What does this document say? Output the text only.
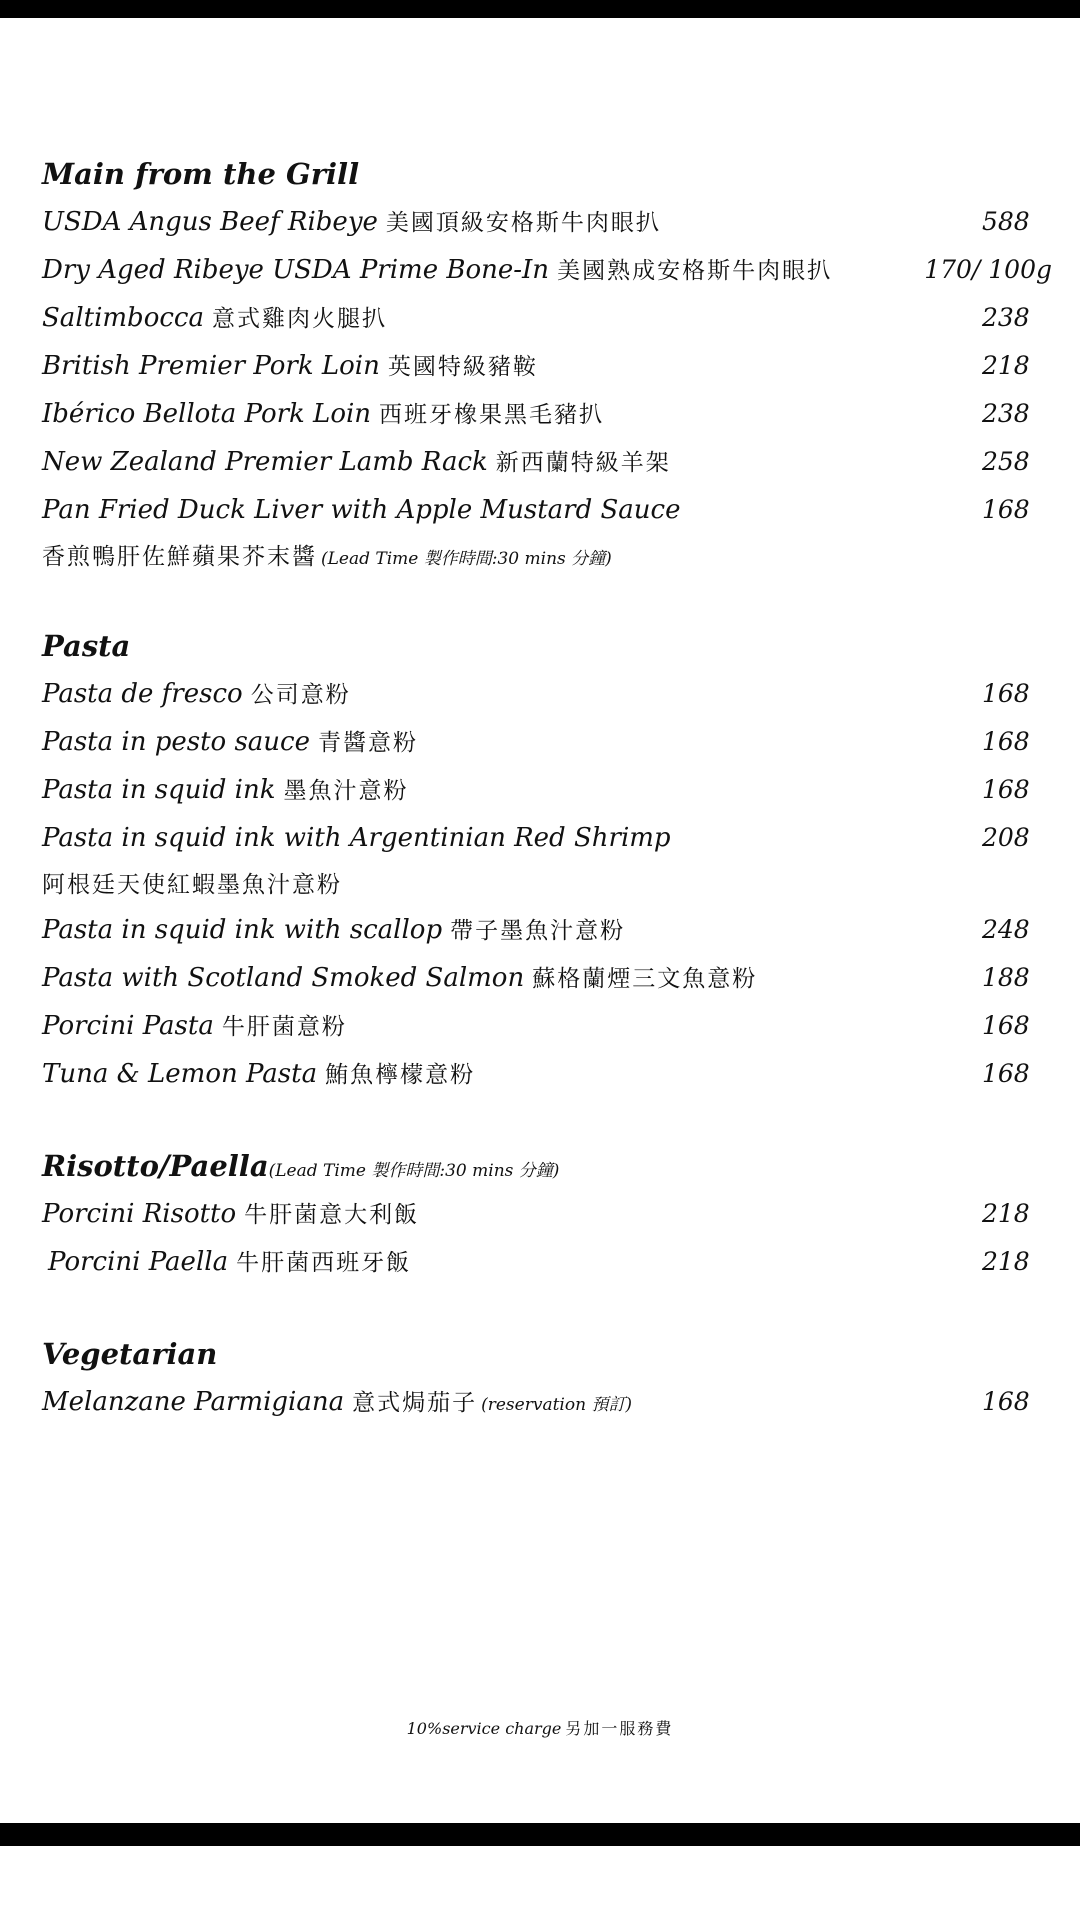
Main from the Grill
USDA Angus Beef Ribeye 美國頂級安格斯牛肉眼扒	588
Dry Aged Ribeye USDA Prime Bone-In 美國熟成安格斯牛肉眼扒	170/ 100g
Saltimbocca 意式雞肉火腿扒	238
British Premier Pork Loin 英國特級豬鞍	218
Ibérico Bellota Pork Loin 西班牙橡果黑毛豬扒	238
New Zealand Premier Lamb Rack 新西蘭特級羊架	258
Pan Fried Duck Liver with Apple Mustard Sauce	168
香煎鴨肝佐鮮蘋果芥末醬 (Lead Time 製作時間:30 mins 分鐘)
Pasta
Pasta de fresco 公司意粉	168
Pasta in pesto sauce 青醬意粉	168
Pasta in squid ink 墨魚汁意粉	168
Pasta in squid ink with Argentinian Red Shrimp	208
阿根廷天使紅蝦墨魚汁意粉
Pasta in squid ink with scallop 帶子墨魚汁意粉	248
Pasta with Scotland Smoked Salmon 蘇格蘭煙三文魚意粉	188
Porcini Pasta 牛肝菌意粉	168
Tuna & Lemon Pasta 鮪魚檸檬意粉	168
Risotto/Paella(Lead Time 製作時間:30 mins 分鐘)
Porcini Risotto 牛肝菌意大利飯	218
Porcini Paella 牛肝菌西班牙飯	218
Vegetarian
Melanzane Parmigiana 意式焗茄子 (reservation 預訂)	168
10%service charge 另加一服務費
